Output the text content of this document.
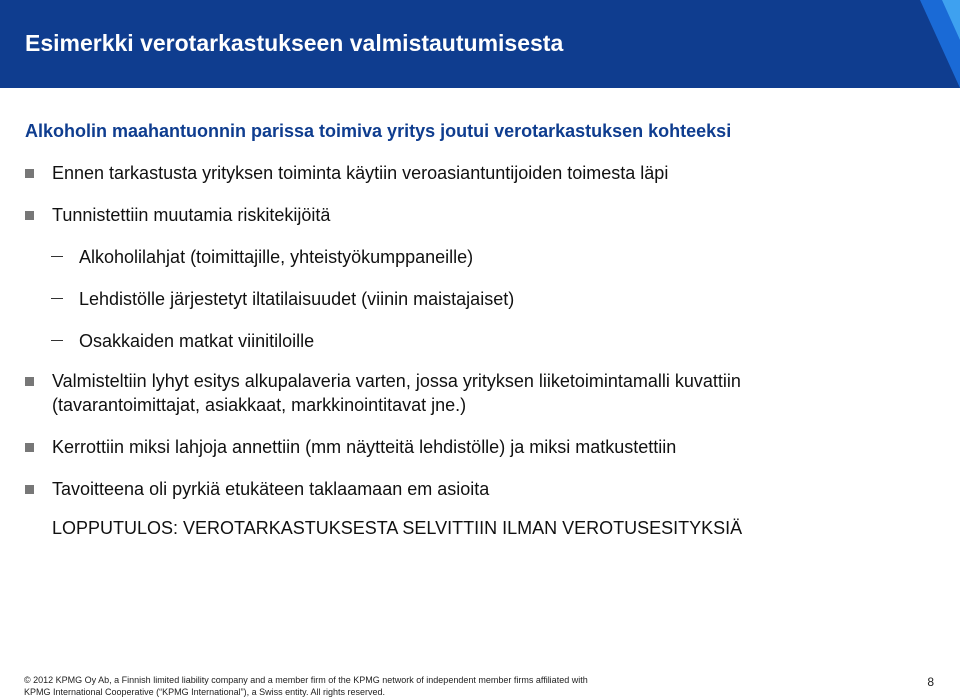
Esimerkki verotarkastukseen valmistautumisesta
Alkoholin maahantuonnin parissa toimiva yritys joutui verotarkastuksen kohteeksi
Ennen tarkastusta yrityksen toiminta käytiin veroasiantuntijoiden toimesta läpi
Tunnistettiin muutamia riskitekijöitä
Alkoholilahjat (toimittajille, yhteistyökumppaneille)
Lehdistölle järjestetyt iltatilaisuudet (viinin maistajaiset)
Osakkaiden matkat viinitiloille
Valmisteltiin lyhyt esitys alkupalaveria varten, jossa yrityksen liiketoimintamalli kuvattiin
(tavarantoimittajat, asiakkaat, markkinointitavat jne.)
Kerrottiin miksi lahjoja annettiin (mm näytteitä lehdistölle) ja miksi matkustettiin
Tavoitteena oli pyrkiä etukäteen taklaamaan em asioita

LOPPUTULOS: VEROTARKASTUKSESTA SELVITTIIN ILMAN VEROTUSESITYKSIÄ

© 2012 KPMG Oy Ab, a Finnish limited liability company and a member firm of the KPMG network of independent member firms affiliated with
KPMG International Cooperative (“KPMG International”), a Swiss entity. All rights reserved.
8
